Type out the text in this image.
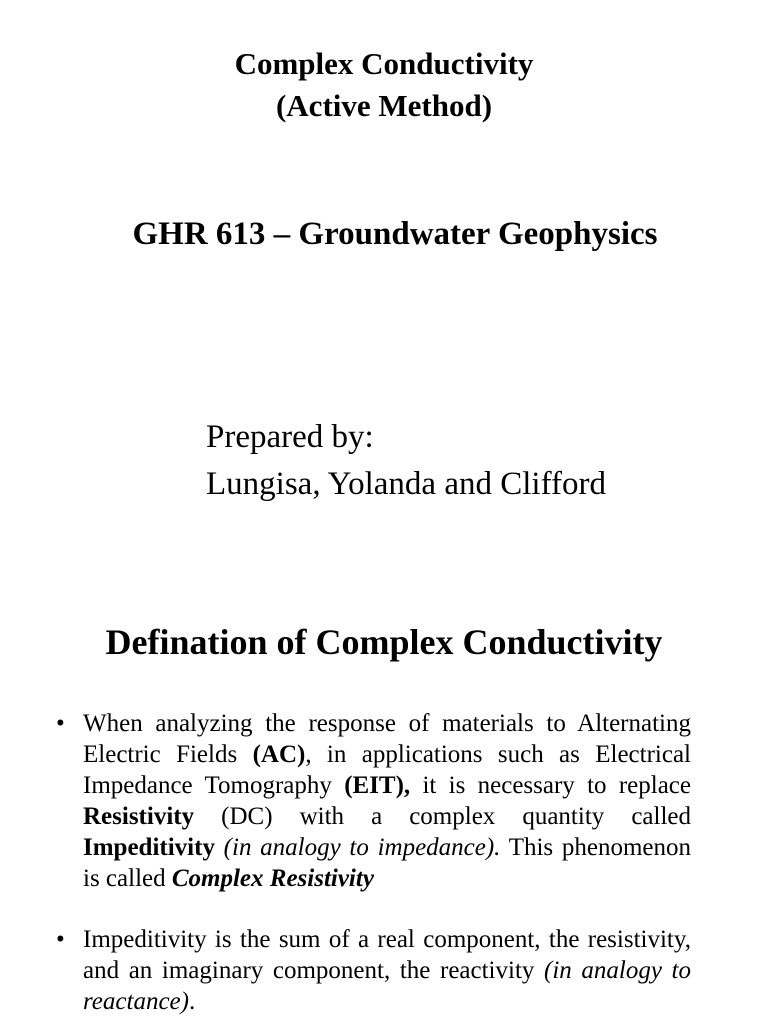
Complex Conductivity
(Active Method)
GHR 613 – Groundwater Geophysics
Prepared by:
Lungisa, Yolanda and Clifford
Defination of Complex Conductivity
• When analyzing the response of materials to Alternating Electric Fields (AC), in applications such as Electrical Impedance Tomography (EIT), it is necessary to replace Resistivity (DC) with a complex quantity called Impeditivity (in analogy to impedance). This phenomenon is called Complex Resistivity
• Impeditivity is the sum of a real component, the resistivity, and an imaginary component, the reactivity (in analogy to reactance).
